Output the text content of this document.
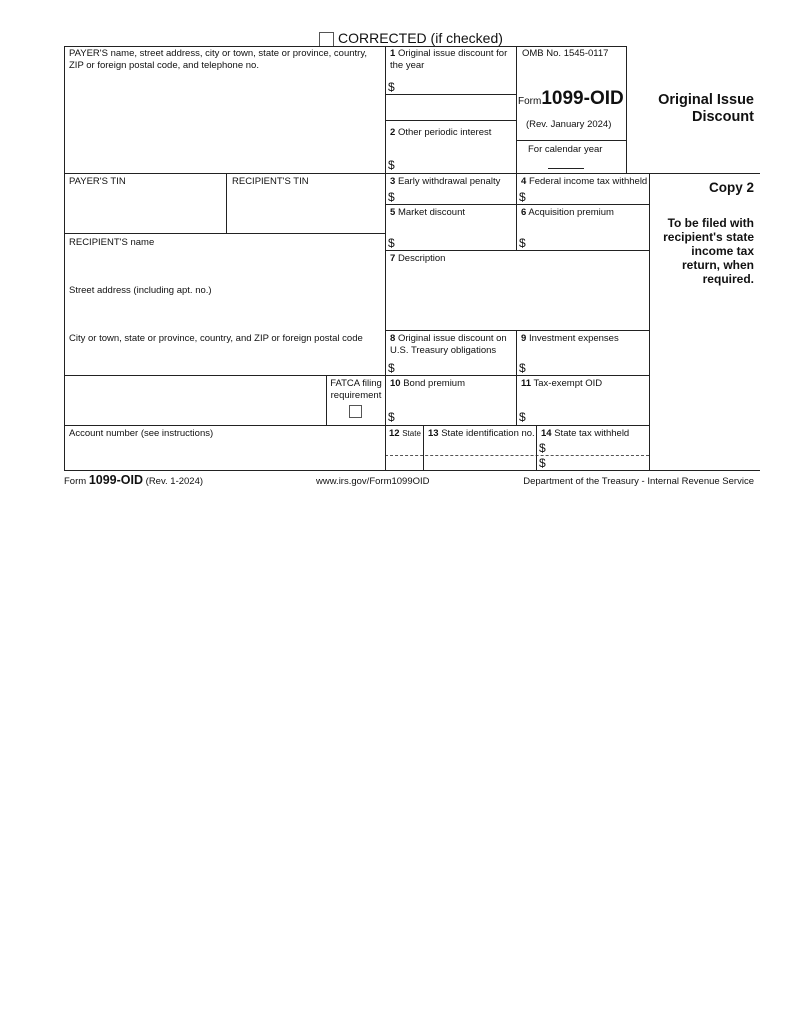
CORRECTED (if checked)
PAYER'S name, street address, city or town, state or province, country, ZIP or foreign postal code, and telephone no.
1 Original issue discount for the year
$
2 Other periodic interest
$
OMB No. 1545-0117
Form1099-OID
(Rev. January 2024)
For calendar year
Original Issue Discount
PAYER'S TIN	RECIPIENT'S TIN	3 Early withdrawal penalty
$
4 Federal income tax withheld
$
Copy 2
To be filed with recipient's state income tax return, when required.
5 Market discount
$
6 Acquisition premium
$
RECIPIENT'S name
Street address (including apt. no.)
City or town, state or province, country, and ZIP or foreign postal code
7 Description
8 Original issue discount on U.S. Treasury obligations
$
9 Investment expenses
$
FATCA filing requirement
10 Bond premium
$
11 Tax-exempt OID
$
Account number (see instructions)	12 State 13 State identification no. 14 State tax withheld
$
$
Form 1099-OID (Rev. 1-2024)	www.irs.gov/Form1099OID	Department of the Treasury - Internal Revenue Service
